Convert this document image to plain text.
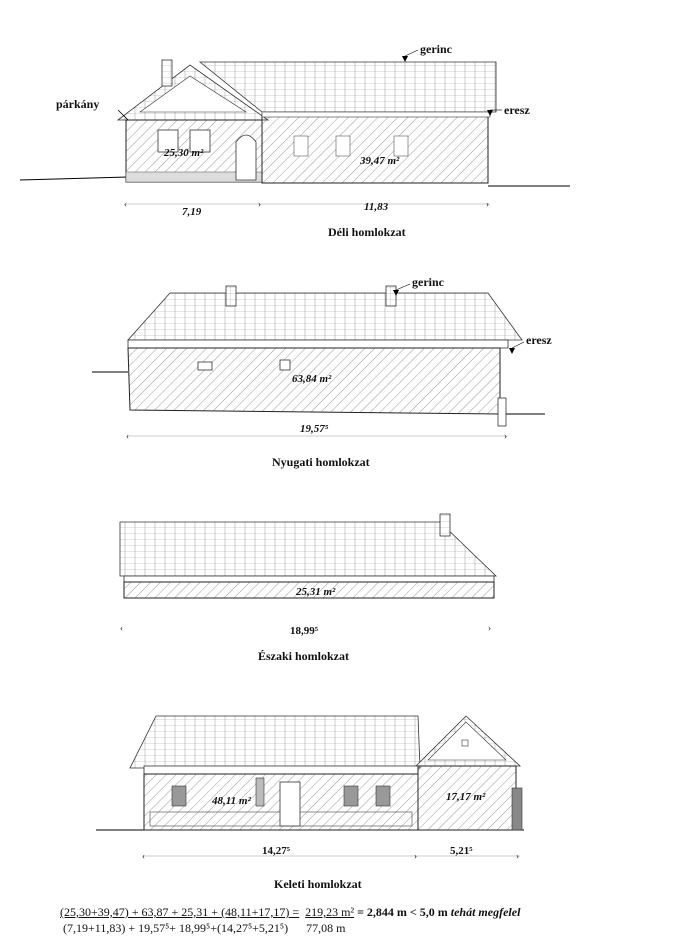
‹	›	›
gerinc
párkány	eresz
25,30 m²
39,47 m²
7,19	11,83
Déli homlokzat
‹	›
gerinc
eresz
63,84 m²
19,57⁵
Nyugati homlokzat
‹	›
25,31 m²
18,99⁵
Északi homlokzat
‹	›	›
48,11 m²	17,17 m²
14,27⁵	5,21⁵
Keleti homlokzat
(25,30+39,47) + 63,87 + 25,31 + (48,11+17,17) = 219,23 m² = 2,844 m < 5,0 m tehát megfelel
(7,19+11,83) + 19,57⁵+ 18,99⁵+(14,27⁵+5,21⁵) 77,08 m
